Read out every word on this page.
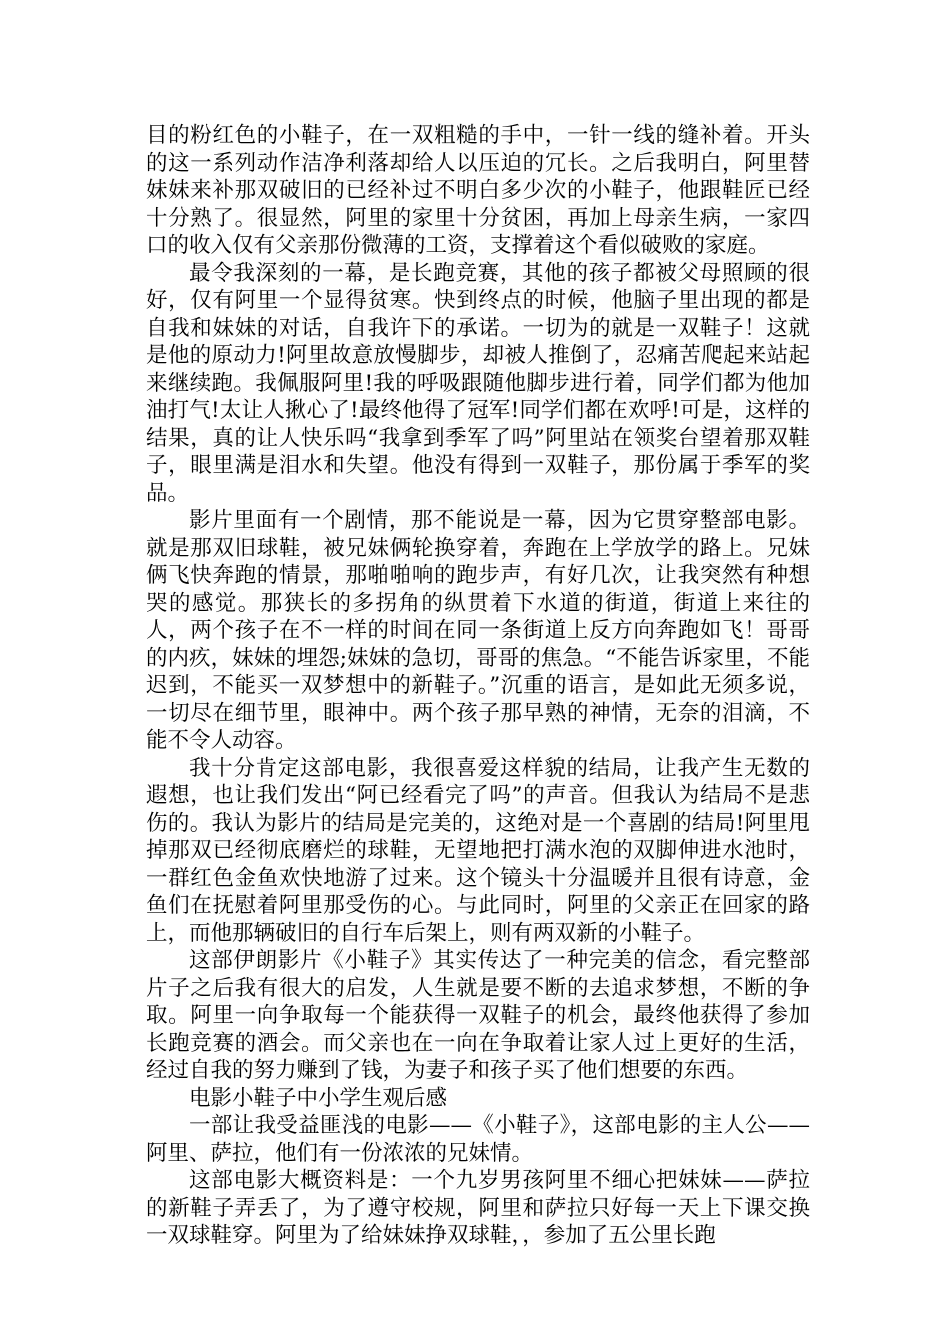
目的粉红色的小鞋子，在一双粗糙的手中，一针一线的缝补着。开头的这一系列动作洁净利落却给人以压迫的冗长。之后我明白，阿里替妹妹来补那双破旧的已经补过不明白多少次的小鞋子，他跟鞋匠已经十分熟了。很显然，阿里的家里十分贫困，再加上母亲生病，一家四口的收入仅有父亲那份微薄的工资，支撑着这个看似破败的家庭。

最令我深刻的一幕，是长跑竞赛，其他的孩子都被父母照顾的很好，仅有阿里一个显得贫寒。快到终点的时候，他脑子里出现的都是自我和妹妹的对话，自我许下的承诺。一切为的就是一双鞋子！这就是他的原动力!阿里故意放慢脚步，却被人推倒了，忍痛苦爬起来站起来继续跑。我佩服阿里!我的呼吸跟随他脚步进行着，同学们都为他加油打气!太让人揪心了!最终他得了冠军!同学们都在欢呼!可是，这样的结果，真的让人快乐吗“我拿到季军了吗”阿里站在领奖台望着那双鞋子，眼里满是泪水和失望。他没有得到一双鞋子，那份属于季军的奖品。

影片里面有一个剧情，那不能说是一幕，因为它贯穿整部电影。就是那双旧球鞋，被兄妹俩轮换穿着，奔跑在上学放学的路上。兄妹俩飞快奔跑的情景，那啪啪响的跑步声，有好几次，让我突然有种想哭的感觉。那狭长的多拐角的纵贯着下水道的街道，街道上来往的人，两个孩子在不一样的时间在同一条街道上反方向奔跑如飞！哥哥的内疚，妹妹的埋怨;妹妹的急切，哥哥的焦急。“不能告诉家里，不能迟到，不能买一双梦想中的新鞋子。”沉重的语言，是如此无须多说，一切尽在细节里，眼神中。两个孩子那早熟的神情，无奈的泪滴，不能不令人动容。

我十分肯定这部电影，我很喜爱这样貌的结局，让我产生无数的遐想，也让我们发出“阿已经看完了吗”的声音。但我认为结局不是悲伤的。我认为影片的结局是完美的，这绝对是一个喜剧的结局!阿里甩掉那双已经彻底磨烂的球鞋，无望地把打满水泡的双脚伸进水池时，一群红色金鱼欢快地游了过来。这个镜头十分温暖并且很有诗意，金鱼们在抚慰着阿里那受伤的心。与此同时，阿里的父亲正在回家的路上，而他那辆破旧的自行车后架上，则有两双新的小鞋子。

这部伊朗影片《小鞋子》其实传达了一种完美的信念，看完整部片子之后我有很大的启发，人生就是要不断的去追求梦想，不断的争取。阿里一向争取每一个能获得一双鞋子的机会，最终他获得了参加长跑竞赛的酒会。而父亲也在一向在争取着让家人过上更好的生活，经过自我的努力赚到了钱，为妻子和孩子买了他们想要的东西。

电影小鞋子中小学生观后感

一部让我受益匪浅的电影——《小鞋子》，这部电影的主人公——阿里、萨拉，他们有一份浓浓的兄妹情。

这部电影大概资料是：一个九岁男孩阿里不细心把妹妹——萨拉的新鞋子弄丢了，为了遵守校规，阿里和萨拉只好每一天上下课交换一双球鞋穿。阿里为了给妹妹挣双球鞋，，参加了五公里长跑
